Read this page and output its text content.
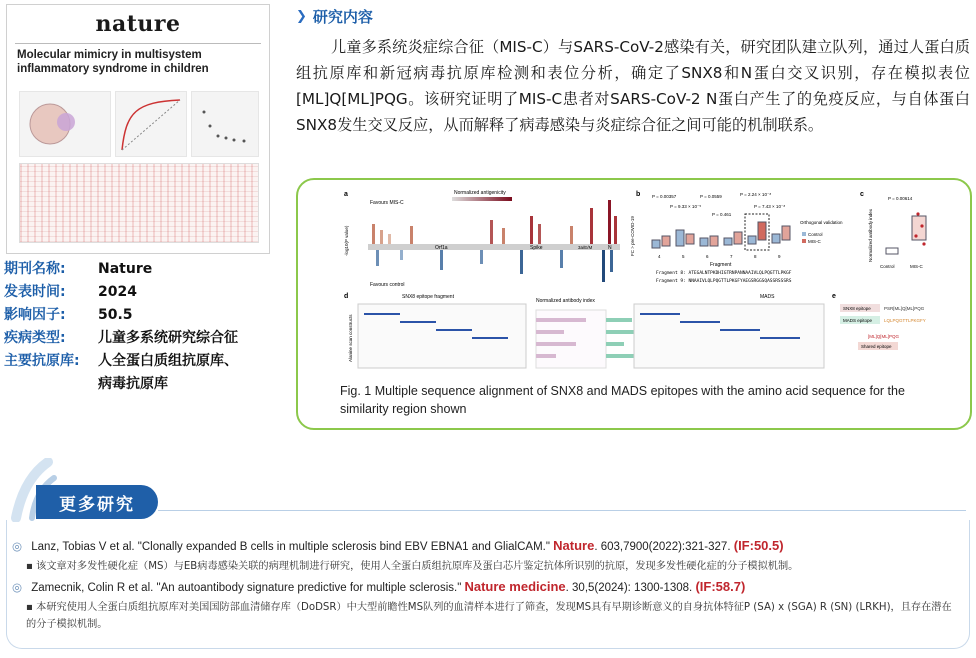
nature
Molecular mimicry in multisystem inflammatory syndrome in children
期刊名称:	Nature
发表时间:	2024
影响因子:	50.5
疾病类型:	儿童多系统研究综合征
主要抗原库:	人全蛋白质组抗原库、
病毒抗原库
❯ 研究内容
儿童多系统炎症综合征（MIS-C）与SARS-CoV-2感染有关，研究团队建立队列，通过人蛋白质组抗原库和新冠病毒抗原库检测和表位分析，确定了SNX8和N蛋白交叉识别，存在模拟表位[ML]Q[ML]PQG。该研究证明了MIS-C患者对SARS-CoV-2 N蛋白产生了的免疫反应，与自体蛋白SNX8发生交叉反应，从而解释了病毒感染与炎症综合征之间可能的机制联系。
a
Favours MIS-C
Favours control
Normalized antigenicity
Orf1a	Spike	3a/E/M	N
-log10(P value)
b	P = 0.00357	P = 0.0559	P = 2.24 × 10⁻⁸
P = 9.33 × 10⁻⁵
P = 0.461
P = 7.43 × 10⁻⁸
FC > pre-COVID-19
4	5	6	7	8	9
Fragment
Orthogonal validation
Control
MIS-C
Fragment 8: ATEGALNTPKDHIGTRNPANNAAIVLQLPQGTTLPKGF
Fragment 9: NNAAIVLQLPQGTTLPKGFYAEGSRGGSQASSRSSSRS
c
P = 0.00614
Normalized antibody index
Control	MIS-C
d	SNX8 epitope fragment
Normalized antibody index
MADS
Alanine scan constructs
e
SNX8 epitope
MADS epitope
PSR[ML]Q[ML]PQG
LQLPQGTTLPKGFY
[ML]Q[ML]PQG
Shared epitope
Fig. 1 Multiple sequence alignment of SNX8 and MADS epitopes with the amino acid sequence for the similarity region shown
更多研究
◎ Lanz, Tobias V et al. "Clonally expanded B cells in multiple sclerosis bind EBV EBNA1 and GlialCAM." Nature. 603,7900(2022):321-327. (IF:50.5)
▪ 该文章对多发性硬化症（MS）与EB病毒感染关联的病理机制进行研究，使用人全蛋白质组抗原库及蛋白芯片鉴定抗体所识别的抗原，发现多发性硬化症的分子模拟机制。
◎ Zamecnik, Colin R et al. "An autoantibody signature predictive for multiple sclerosis." Nature medicine. 30,5(2024): 1300-1308. (IF:58.7)
▪ 本研究使用人全蛋白质组抗原库对美国国防部血清储存库（DoDSR）中大型前瞻性MS队列的血清样本进行了筛查，发现MS具有早期诊断意义的自身抗体特征P (SA) x (SGA) R (SN) (LRKH)，且存在潜在的分子模拟机制。
